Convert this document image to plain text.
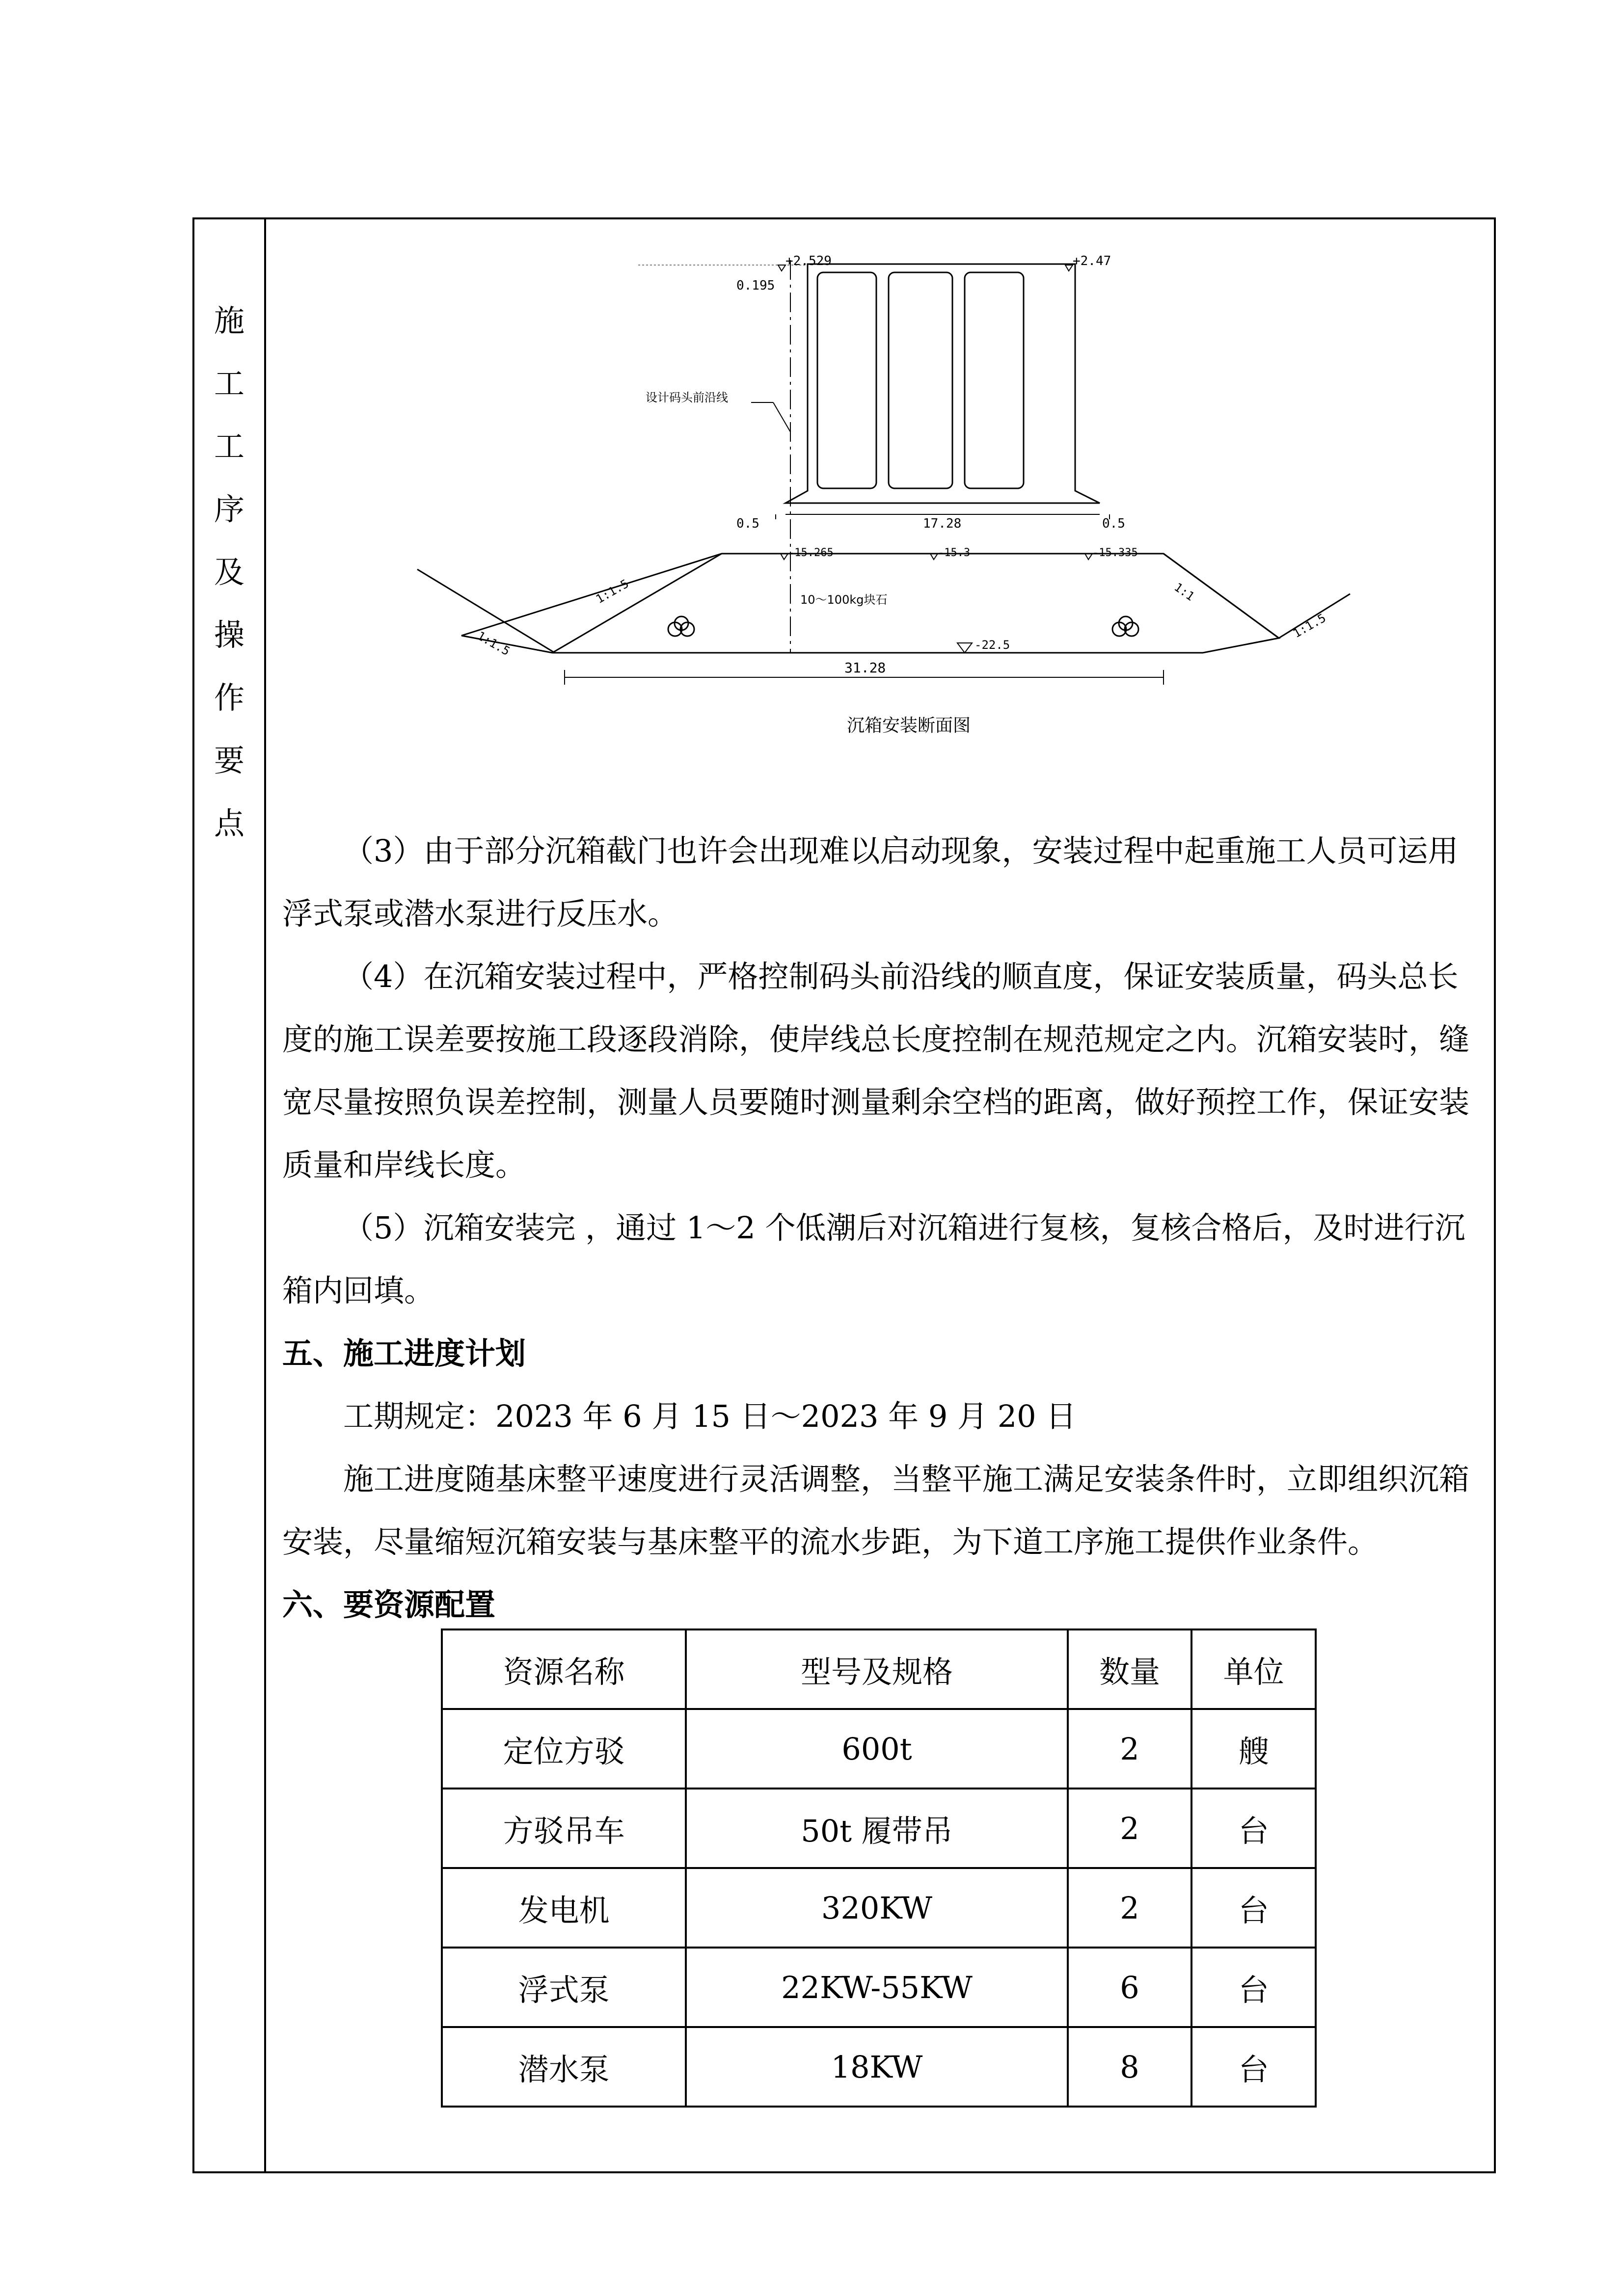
施
工
工
序
及
操
作
要
点
+2.529	+2.47
0.195
设计码头前沿线
0.5	17.28	0.5
-15.265	-15.3	-15.335
1:1.5
1:1.5
1:1
1:1.5
10～100kg块石
-22.5
31.28
沉箱安装断面图

（3）由于部分沉箱截门也许会出现难以启动现象，安装过程中起重施工人员可运用浮式泵或潜水泵进行反压水。

（4）在沉箱安装过程中，严格控制码头前沿线的顺直度，保证安装质量，码头总长度的施工误差要按施工段逐段消除，使岸线总长度控制在规范规定之内。沉箱安装时，缝宽尽量按照负误差控制，测量人员要随时测量剩余空档的距离，做好预控工作，保证安装质量和岸线长度。

（5）沉箱安装完 ，通过 1～2 个低潮后对沉箱进行复核，复核合格后，及时进行沉箱内回填。

五、施工进度计划

工期规定：2023 年 6 月 15 日～2023 年 9 月 20 日

施工进度随基床整平速度进行灵活调整，当整平施工满足安装条件时，立即组织沉箱安装，尽量缩短沉箱安装与基床整平的流水步距，为下道工序施工提供作业条件。

六、要资源配置

资源名称	型号及规格	数量	单位
定位方驳	600t	2	艘
方驳吊车	50t 履带吊	2	台
发电机	320KW	2	台
浮式泵	22KW-55KW	6	台
潜水泵	18KW	8	台
